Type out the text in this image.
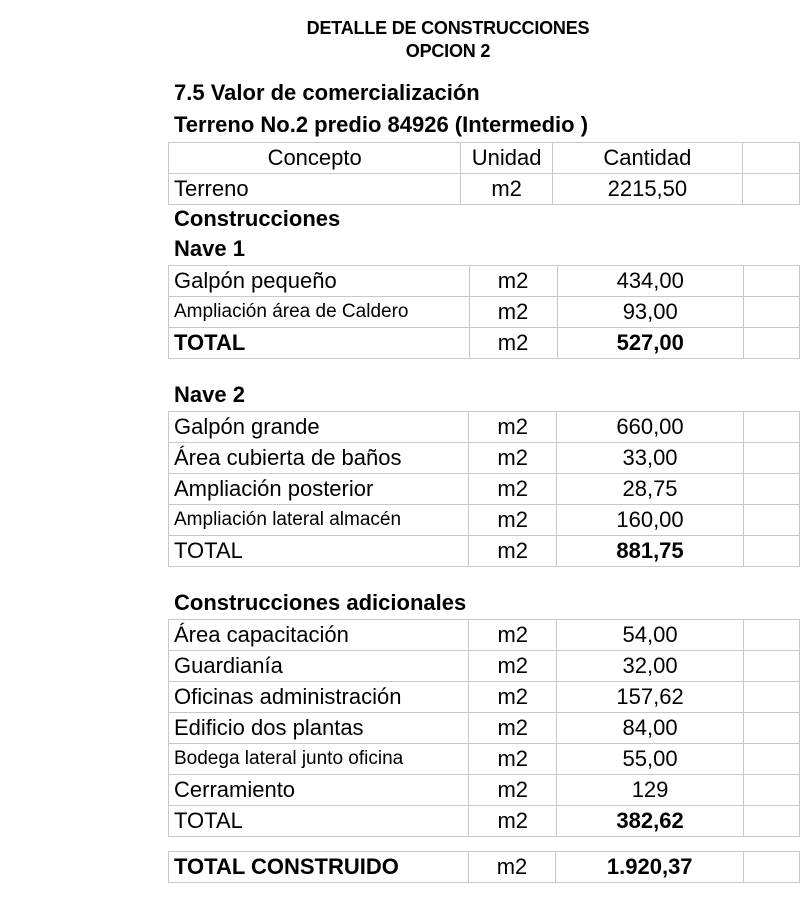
DETALLE DE CONSTRUCCIONES
OPCION 2
7.5 Valor de comercialización
Terreno No.2 predio 84926 (Intermedio )
Concepto	Unidad	Cantidad	
Terreno	m2	2215,50	
Construcciones
Nave 1
Galpón pequeño	m2	434,00	
Ampliación área de Caldero	m2	93,00	
TOTAL	m2	527,00	
Nave 2
Galpón grande	m2	660,00	
Área cubierta de baños	m2	33,00	
Ampliación posterior	m2	28,75	
Ampliación lateral almacén	m2	160,00	
TOTAL	m2	881,75	
Construcciones adicionales
Área capacitación	m2	54,00	
Guardianía	m2	32,00	
Oficinas administración	m2	157,62	
Edificio dos plantas	m2	84,00	
Bodega lateral junto oficina	m2	55,00	
Cerramiento	m2	129	
TOTAL	m2	382,62	
TOTAL CONSTRUIDO	m2	1.920,37	
